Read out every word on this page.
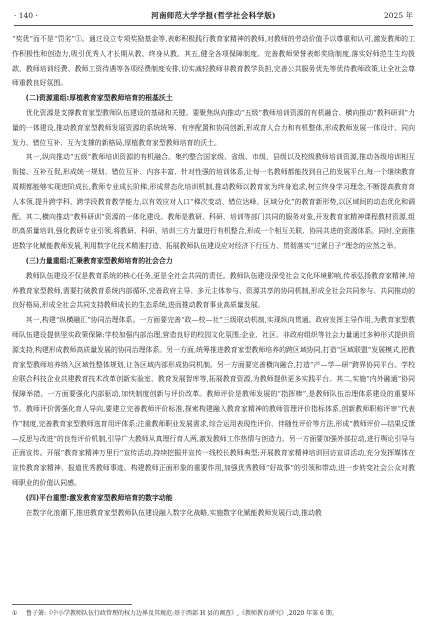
· 140 ·	河南师范大学学报(哲学社会科学版)	2025 年

“奖优”而不是“罚劣”①。通过设立专项奖励基金等,表彰积极践行教育家精神的教师,对教师的劳动价值予以尊重和认可,激发教师的工作积极性和创造力,吸引优秀人才长期从教、终身从教。其五,健全各项保障制度。完善教师荣誉表彰奖励制度,落实好师范生生均拨款、教师培训经费、教师工资待遇等各项经费制度安排,切实减轻教师非教育教学负担,完善公共服务优先等优待教师政策,让全社会尊师重教良好氛围。

(二)资源重组:厚植教育家型教师培育的根基沃土

优化资源是支撑教育家型教师队伍建设的基础和关键。要聚焦纵向推动“五级”教师培训资源的有机融合、横向推动“教科研训”力量的一体建设,推动教育家型教师发展资源的系统统筹、有序配置和协同创新,形成育人合力和有机整体,形成教师发展一体设计、同向发力、错位互补、互为支撑的新格局,厚植教育家型教师培育的沃土。

其一,纵向推动“五级”教师培训资源的有机融合。集约整合国家级、省级、市级、县级以及校级教师培训资源,推动各级培训相互衔接、互补互促,形成统一规划、错位互补、内容丰富、针对性强的培训体系,让每一名教师都能找到自己的发展平台,每一个继续教育周期都能够实现进阶成长,教师专业成长阶梯,形成常态化培训机制,推动教师以教育家为终身追求,树立终身学习理念,不断提高教育育人本领,提升跨学科、跨学段教育教学能力,以有效应对人口“梯次变动、错位达峰、区域分化”的教育新形势,以区域间的动态优化和调配。其二,横向推动“教科研训”资源的一体化建设。教师是教研、科研、培训等部门共同的服务对象,开发教育家精神课程教材资源,组织高质量培训,强化教研专业引领,将教研、科研、培训三方力量进行有机整合,形成一个相互关联、协同共进的资源体系。同时,全面推进数字化赋能教师发展,利用数字化技术精准打造、拓展教师队伍建设应对经济下行压力、贯彻落实“过紧日子”理念的应然之举。

(三)力量重组:汇聚教育家型教师培育的社会合力

教师队伍建设不仅是教育系统的核心任务,更是全社会共同的责任。教师队伍建设深受社会文化环境影响,传承弘扬教育家精神,培养教育家型教师,需要打破教育系统内部循环,完善政府主导、多元主体参与、资源共享的协同机制,形成全社会共同参与、共同推动的良好格局,形成全社会共同支持教师成长的生态系统,进而推动教育事业高质量发展。

其一,构建“纵横融汇”协同治理体系。一方面要完善“政—校—社”三级联动机制,实现纵向贯通。政府发挥主导作用,为教育家型教师队伍建设提供坚实政策保障;学校加强内部治理,营造良好的校园文化氛围;企业、社区、非政府组织等社会力量通过多种形式提供资源支持,构建形成教师高质量发展的协同治理体系。另一方面,统筹推进教育家型教师培养的跨区域协同,打造“区域联盟”发展模式,把教育家型教师培养纳入区域性整体规划,让各区域内部形成协同机制。另一方面要完善横向融合,打造“产—学—研”跨界协同平台。学校应联合科技企业共建教育技术改革创新实验室、教育发展智库等,拓展教育资源,为教师提供更多实践平台。其二,实施“内外融通”协同保障举措。一方面要强化内部驱动,加快制度创新与评价改革。教师评价是教师发展的“指挥棒”,是教师队伍治理体系建设的重要环节。教师评价需强化育人导向,要建立完善教师评价标准,探索构建融入教育家精神的教师管理评价指标体系,创新教师职称评审“代表作”制度,完善教育家型教师选育用评体系;注重教师职业发展需求,综合运用表现性评价、伴随性评价等方法,形成“教师评价—结果反馈—反思与改进”的良性评价机制,引导广大教师从真理行育人两,激发教师工作热情与创造力。另一方面要加强外部拉动,进行舆论引导与正面宣传。开展“教育家精神万里行”宣传活动,持续挖掘并宣传一线校长教师典型;开展教育家精神培训回访宣讲活动,充分发挥媒体在宣传教育家精神、报道优秀教师事迹、构建教师正面形象的重要作用,加强优秀教师“好故事”的引领和带动,进一步转变社会公众对教师职业的价值认同感。

(四)平台重塑:激发教育家型教师培育的数字动能

在数字化浪潮下,推进教育家型教师队伍建设融入数字化战略,实施数字化赋能教师发展行动,推动教

① 鲁子箫:《中小学教师队伍行政管理的权力边界及其规范:基于西部 H 县的调查》,《教师教育研究》,2020 年第 6 期。
